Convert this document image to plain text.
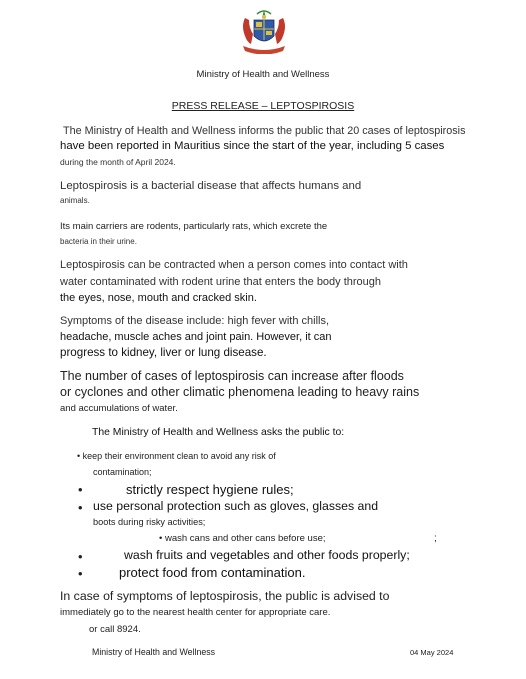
Ministry of Health and Wellness
PRESS RELEASE – LEPTOSPIROSIS
The Ministry of Health and Wellness informs the public that 20 cases of leptospirosis
have been reported in Mauritius since the start of the year, including 5 cases
during the month of April 2024.
Leptospirosis is a bacterial disease that affects humans and
animals.
Its main carriers are rodents, particularly rats, which excrete the
bacteria in their urine.
Leptospirosis can be contracted when a person comes into contact with
water contaminated with rodent urine that enters the body through
the eyes, nose, mouth and cracked skin.
Symptoms of the disease include: high fever with chills,
headache, muscle aches and joint pain. However, it can
progress to kidney, liver or lung disease.
The number of cases of leptospirosis can increase after floods
or cyclones and other climatic phenomena leading to heavy rains
and accumulations of water.
The Ministry of Health and Wellness asks the public to:
• keep their environment clean to avoid any risk of
contamination;
•	strictly respect hygiene rules;
• use personal protection such as gloves, glasses and
boots during risky activities;
• wash cans and other cans before use;	;
•	wash fruits and vegetables and other foods properly;
•	protect food from contamination.
In case of symptoms of leptospirosis, the public is advised to
immediately go to the nearest health center for appropriate care.
or call 8924.
Ministry of Health and Wellness	04 May 2024
